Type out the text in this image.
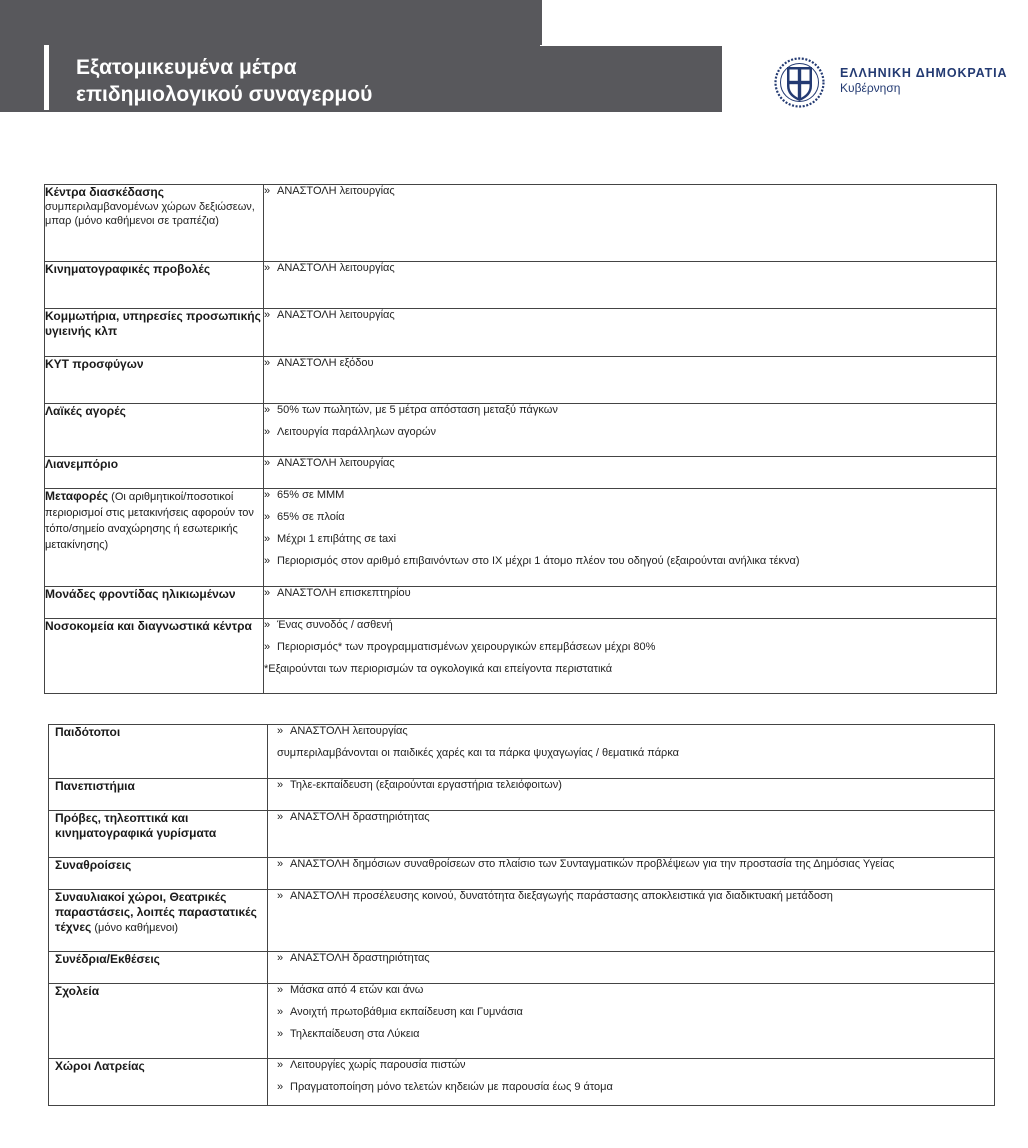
Εξατομικευμένα μέτρα
επιδημιολογικού συναγερμού
ΕΛΛΗΝΙΚΗ ΔΗΜΟΚΡΑΤΙΑ
Κυβέρνηση
Κέντρα διασκέδασης
συμπεριλαμβανομένων χώρων δεξιώσεων, μπαρ (μόνο καθήμενοι σε τραπέζια)	» ΑΝΑΣΤΟΛΗ λειτουργίας

Κινηματογραφικές προβολές	» ΑΝΑΣΤΟΛΗ λειτουργίας

Κομμωτήρια, υπηρεσίες προσωπικής υγιεινής κλπ	» ΑΝΑΣΤΟΛΗ λειτουργίας

ΚΥΤ προσφύγων	» ΑΝΑΣΤΟΛΗ εξόδου

Λαϊκές αγορές	» 50% των πωλητών, με 5 μέτρα απόσταση μεταξύ πάγκων
» Λειτουργία παράλληλων αγορών

Λιανεμπόριο	» ΑΝΑΣΤΟΛΗ λειτουργίας

Μεταφορές (Οι αριθμητικοί/ποσοτικοί περιορισμοί στις μετακινήσεις αφορούν τον τόπο/σημείο αναχώρησης ή εσωτερικής μετακίνησης)	» 65% σε ΜΜΜ
» 65% σε πλοία
» Μέχρι 1 επιβάτης σε taxi
» Περιορισμός στον αριθμό επιβαινόντων στο ΙΧ μέχρι 1 άτομο πλέον του οδηγού (εξαιρούνται ανήλικα τέκνα)

Μονάδες φροντίδας ηλικιωμένων	» ΑΝΑΣΤΟΛΗ επισκεπτηρίου

Νοσοκομεία και διαγνωστικά κέντρα	» Ένας συνοδός / ασθενή
» Περιορισμός* των προγραμματισμένων χειρουργικών επεμβάσεων μέχρι 80%
*Εξαιρούνται των περιορισμών τα ογκολογικά και επείγοντα περιστατικά
Παιδότοποι	» ΑΝΑΣΤΟΛΗ λειτουργίας
συμπεριλαμβάνονται οι παιδικές χαρές και τα πάρκα ψυχαγωγίας / θεματικά πάρκα

Πανεπιστήμια	» Τηλε-εκπαίδευση (εξαιρούνται εργαστήρια τελειόφοιτων)

Πρόβες, τηλεοπτικά και κινηματογραφικά γυρίσματα	» ΑΝΑΣΤΟΛΗ δραστηριότητας

Συναθροίσεις	» ΑΝΑΣΤΟΛΗ δημόσιων συναθροίσεων στο πλαίσιο των Συνταγματικών προβλέψεων για την προστασία της Δημόσιας Υγείας

Συναυλιακοί χώροι, Θεατρικές παραστάσεις, λοιπές παραστατικές τέχνες (μόνο καθήμενοι)	» ΑΝΑΣΤΟΛΗ προσέλευσης κοινού, δυνατότητα διεξαγωγής παράστασης αποκλειστικά για διαδικτυακή μετάδοση

Συνέδρια/Εκθέσεις	» ΑΝΑΣΤΟΛΗ δραστηριότητας

Σχολεία	» Μάσκα από 4 ετών και άνω
» Ανοιχτή πρωτοβάθμια εκπαίδευση και Γυμνάσια
» Τηλεκπαίδευση στα Λύκεια

Χώροι Λατρείας	» Λειτουργίες χωρίς παρουσία πιστών
» Πραγματοποίηση μόνο τελετών κηδειών με παρουσία έως 9 άτομα
